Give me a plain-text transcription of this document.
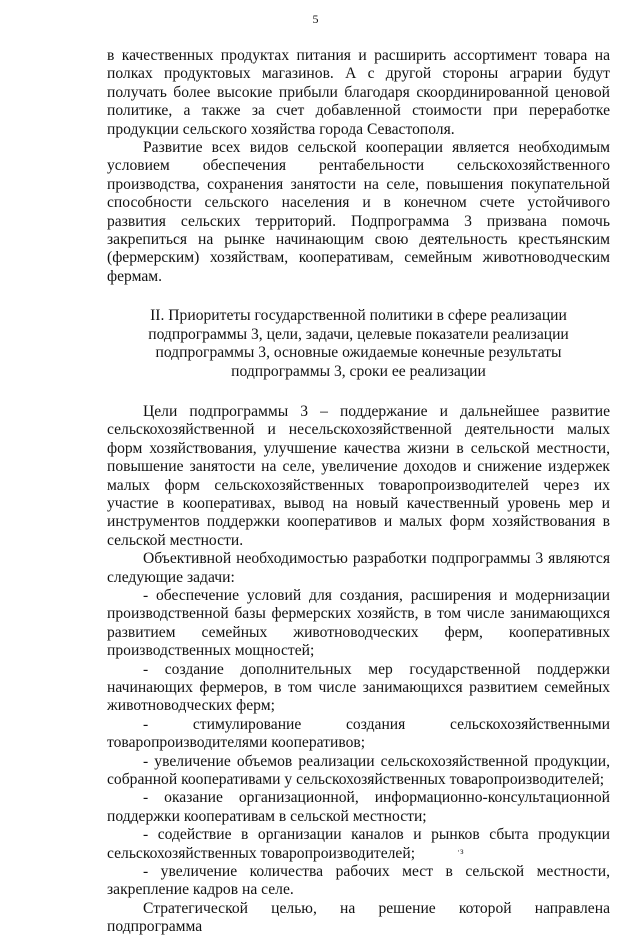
5

в качественных продуктах питания и расширить ассортимент товара на полках продуктовых магазинов. А с другой стороны аграрии будут получать более высокие прибыли благодаря скоординированной ценовой политике, а также за счет добавленной стоимости при переработке продукции сельского хозяйства города Севастополя.

Развитие всех видов сельской кооперации является необходимым условием обеспечения рентабельности сельскохозяйственного производства, сохранения занятости на селе, повышения покупательной способности сельского населения и в конечном счете устойчивого развития сельских территорий. Подпрограмма 3 призвана помочь закрепиться на рынке начинающим свою деятельность крестьянским (фермерским) хозяйствам, кооперативам, семейным животноводческим фермам.

II. Приоритеты государственной политики в сфере реализации
подпрограммы 3, цели, задачи, целевые показатели реализации
подпрограммы 3, основные ожидаемые конечные результаты
подпрограммы 3, сроки ее реализации

Цели подпрограммы 3 – поддержание и дальнейшее развитие сельскохозяйственной и несельскохозяйственной деятельности малых форм хозяйствования, улучшение качества жизни в сельской местности, повышение занятости на селе, увеличение доходов и снижение издержек малых форм сельскохозяйственных товаропроизводителей через их участие в кооперативах, вывод на новый качественный уровень мер и инструментов поддержки кооперативов и малых форм хозяйствования в сельской местности.

Объективной необходимостью разработки подпрограммы 3 являются следующие задачи:

- обеспечение условий для создания, расширения и модернизации производственной базы фермерских хозяйств, в том числе занимающихся развитием семейных животноводческих ферм, кооперативных производственных мощностей;

- создание дополнительных мер государственной поддержки начинающих фермеров, в том числе занимающихся развитием семейных животноводческих ферм;

- стимулирование создания сельскохозяйственными товаропроизводителями кооперативов;

- увеличение объемов реализации сельскохозяйственной продукции, собранной кооперативами у сельскохозяйственных товаропроизводителей;

- оказание организационной, информационно-консультационной поддержки кооперативам в сельской местности;

- содействие в организации каналов и рынков сбыта продукции сельскохозяйственных товаропроизводителей;

- увеличение количества рабочих мест в сельской местности, закрепление кадров на селе.

Стратегической целью, на решение которой направлена подпрограмма

·з
